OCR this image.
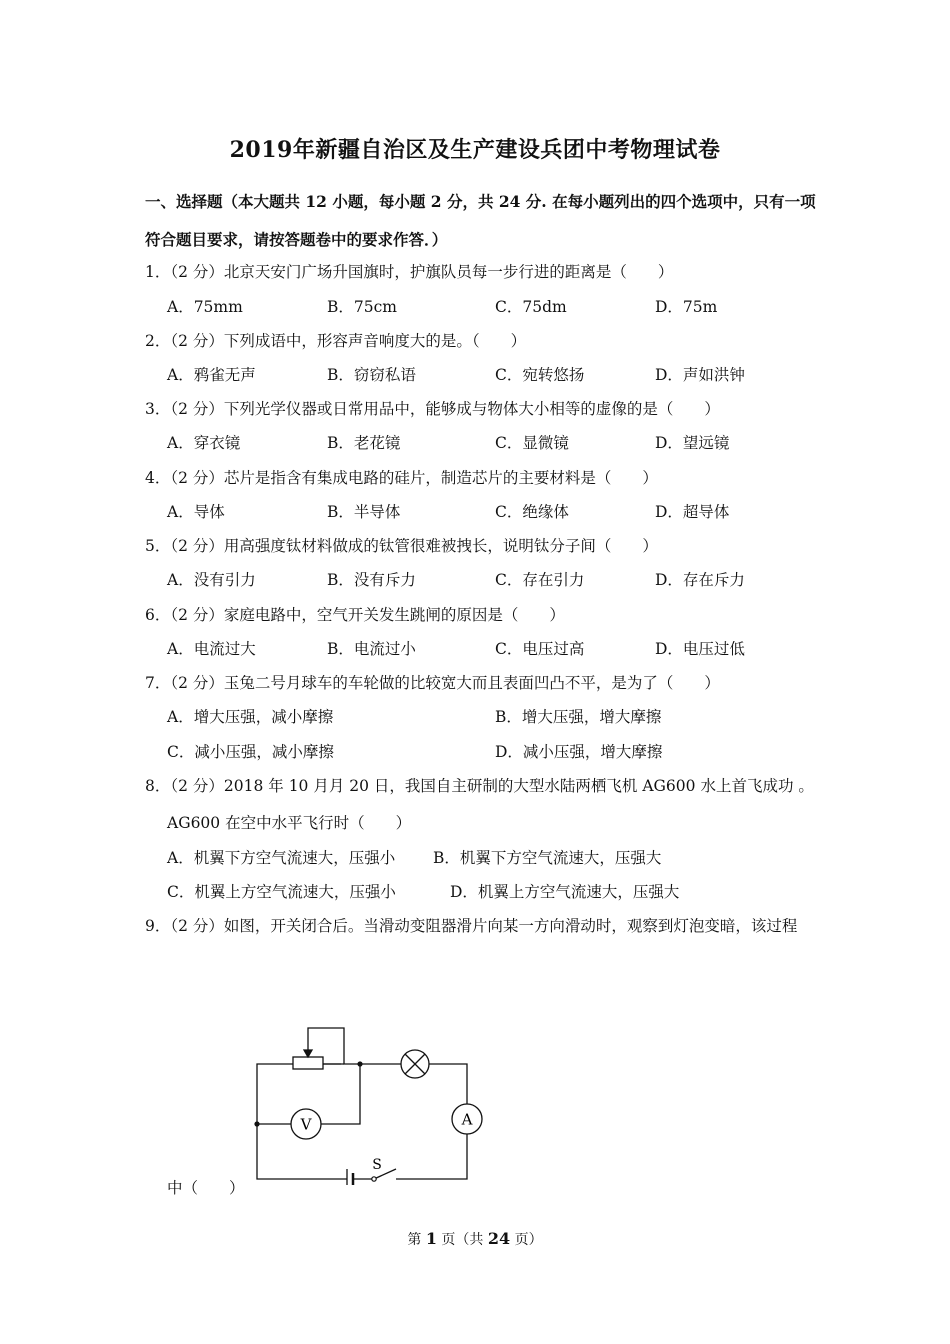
2019年新疆自治区及生产建设兵团中考物理试卷
一、选择题（本大题共 12 小题，每小题 2 分，共 24 分. 在每小题列出的四个选项中，只有一项
符合题目要求，请按答题卷中的要求作答．）
1．（2 分）北京天安门广场升国旗时，护旗队员每一步行进的距离是（　　）
A．75mm	B．75cm	C．75dm	D．75m
2．（2 分）下列成语中，形容声音响度大的是。（　　）
A．鸦雀无声	B．窃窃私语	C．宛转悠扬	D．声如洪钟
3．（2 分）下列光学仪器或日常用品中，能够成与物体大小相等的虚像的是（　　）
A．穿衣镜	B．老花镜	C．显微镜	D．望远镜
4．（2 分）芯片是指含有集成电路的硅片，制造芯片的主要材料是（　　）
A．导体	B．半导体	C．绝缘体	D．超导体
5．（2 分）用高强度钛材料做成的钛管很难被拽长，说明钛分子间（　　）
A．没有引力	B．没有斥力	C．存在引力	D．存在斥力
6．（2 分）家庭电路中，空气开关发生跳闸的原因是（　　）
A．电流过大	B．电流过小	C．电压过高	D．电压过低
7．（2 分）玉兔二号月球车的车轮做的比较宽大而且表面凹凸不平，是为了（　　）
A．增大压强，减小摩擦	B．增大压强，增大摩擦
C．减小压强，减小摩擦	D．减小压强，增大摩擦
8．（2 分）2018 年 10 月月 20 日，我国自主研制的大型水陆两栖飞机 AG600 水上首飞成功 。
AG600 在空中水平飞行时（　　）
A．机翼下方空气流速大，压强小 B．机翼下方空气流速大，压强大
C．机翼上方空气流速大，压强小	D．机翼上方空气流速大，压强大
9．（2 分）如图，开关闭合后。当滑动变阻器滑片向某一方向滑动时，观察到灯泡变暗，该过程
V	A
S
中（　　）
第 1 页（共 24 页）
